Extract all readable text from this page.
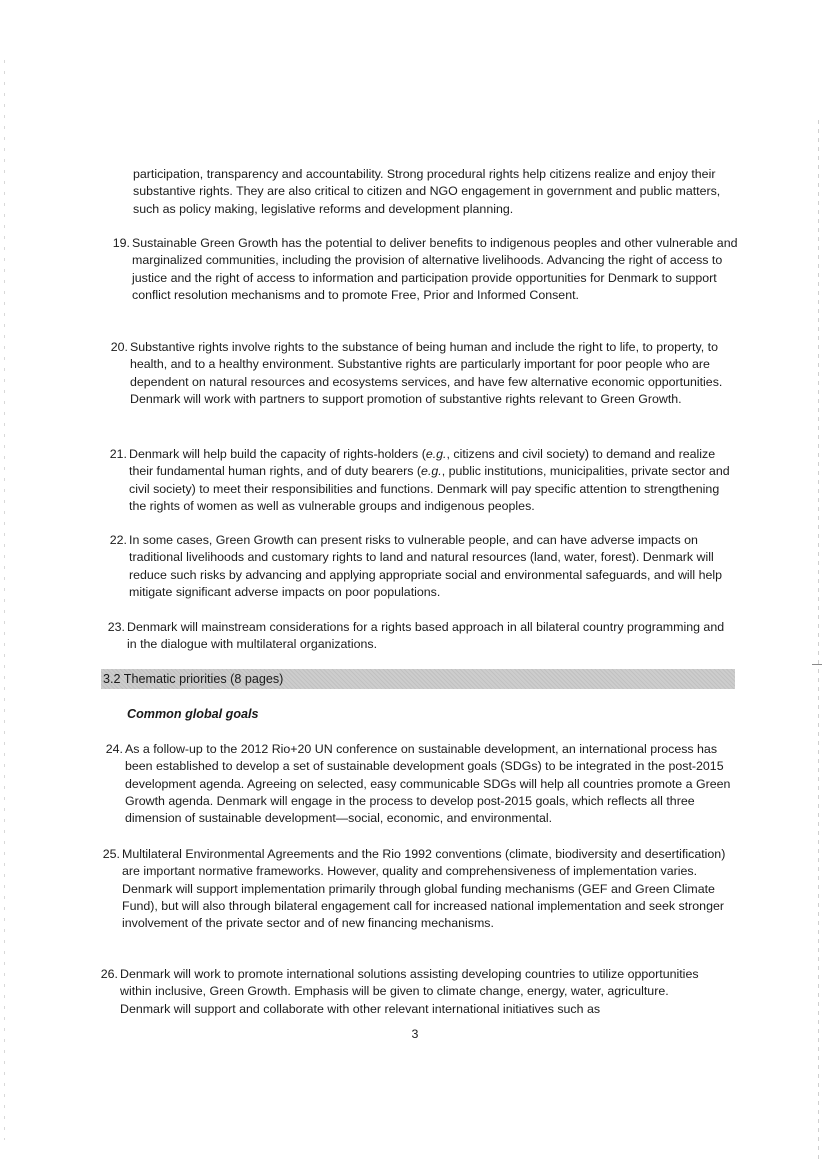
participation, transparency and accountability. Strong procedural rights help citizens realize and enjoy their substantive rights. They are also critical to citizen and NGO engagement in government and public matters, such as policy making, legislative reforms and development planning.
19. Sustainable Green Growth has the potential to deliver benefits to indigenous peoples and other vulnerable and marginalized communities, including the provision of alternative livelihoods. Advancing the right of access to justice and the right of access to information and participation provide opportunities for Denmark to support conflict resolution mechanisms and to promote Free, Prior and Informed Consent.
20. Substantive rights involve rights to the substance of being human and include the right to life, to property, to health, and to a healthy environment. Substantive rights are particularly important for poor people who are dependent on natural resources and ecosystems services, and have few alternative economic opportunities. Denmark will work with partners to support promotion of substantive rights relevant to Green Growth.
21. Denmark will help build the capacity of rights-holders (e.g., citizens and civil society) to demand and realize their fundamental human rights, and of duty bearers (e.g., public institutions, municipalities, private sector and civil society) to meet their responsibilities and functions. Denmark will pay specific attention to strengthening the rights of women as well as vulnerable groups and indigenous peoples.
22. In some cases, Green Growth can present risks to vulnerable people, and can have adverse impacts on traditional livelihoods and customary rights to land and natural resources (land, water, forest). Denmark will reduce such risks by advancing and applying appropriate social and environmental safeguards, and will help mitigate significant adverse impacts on poor populations.
23. Denmark will mainstream considerations for a rights based approach in all bilateral country programming and in the dialogue with multilateral organizations.
3.2 Thematic priorities (8 pages)
Common global goals
24. As a follow-up to the 2012 Rio+20 UN conference on sustainable development, an international process has been established to develop a set of sustainable development goals (SDGs) to be integrated in the post-2015 development agenda. Agreeing on selected, easy communicable SDGs will help all countries promote a Green Growth agenda. Denmark will engage in the process to develop post-2015 goals, which reflects all three dimension of sustainable development—social, economic, and environmental.
25. Multilateral Environmental Agreements and the Rio 1992 conventions (climate, biodiversity and desertification) are important normative frameworks. However, quality and comprehensiveness of implementation varies. Denmark will support implementation primarily through global funding mechanisms (GEF and Green Climate Fund), but will also through bilateral engagement call for increased national implementation and seek stronger involvement of the private sector and of new financing mechanisms.
26. Denmark will work to promote international solutions assisting developing countries to utilize opportunities within inclusive, Green Growth. Emphasis will be given to climate change, energy, water, agriculture. Denmark will support and collaborate with other relevant international initiatives such as
3
